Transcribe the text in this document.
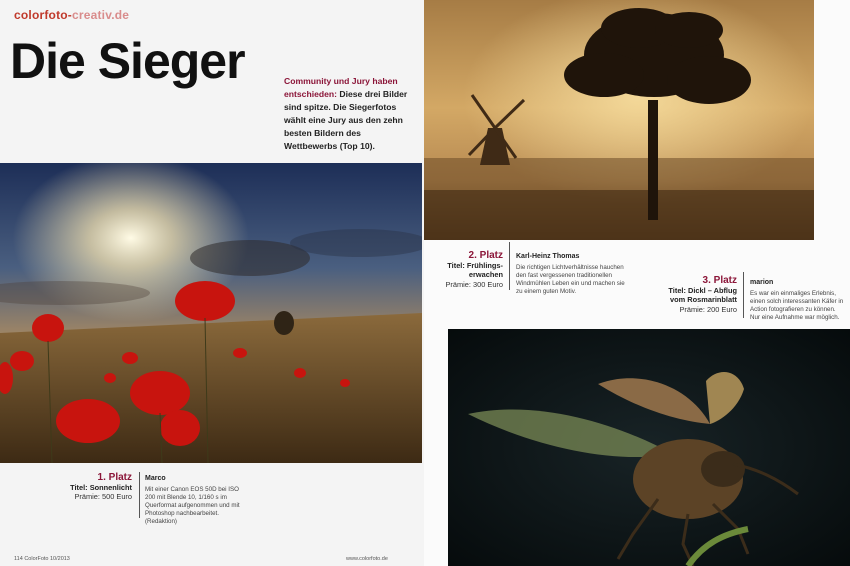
colorfoto-creativ.de
Die Sieger	Community und Jury haben entschieden: Diese drei Bilder sind spitze. Die Siegerfotos wählt eine Jury aus den zehn besten Bildern des Wettbewerbs (Top 10).
1. Platz
Titel: Sonnenlicht
Prämie: 500 Euro
Marco
Mit einer Canon EOS 50D bei ISO 200 mit Blende 10, 1/160 s im Querformat aufgenommen und mit Photoshop nachbearbeitet. (Redaktion)
114 ColorFoto 10/2013	www.colorfoto.de
2. Platz
Titel: Frühlings-erwachen
Prämie: 300 Euro
Karl-Heinz Thomas
Die richtigen Lichtverhältnisse hauchen den fast vergessenen traditionellen Windmühlen Leben ein und machen sie zu einem guten Motiv.
3. Platz
Titel: Dickl – Abflug vom Rosmarinblatt
Prämie: 200 Euro
marion
Es war ein einmaliges Erlebnis, einen solch interessanten Käfer in Action fotografieren zu können. Nur eine Aufnahme war möglich.
